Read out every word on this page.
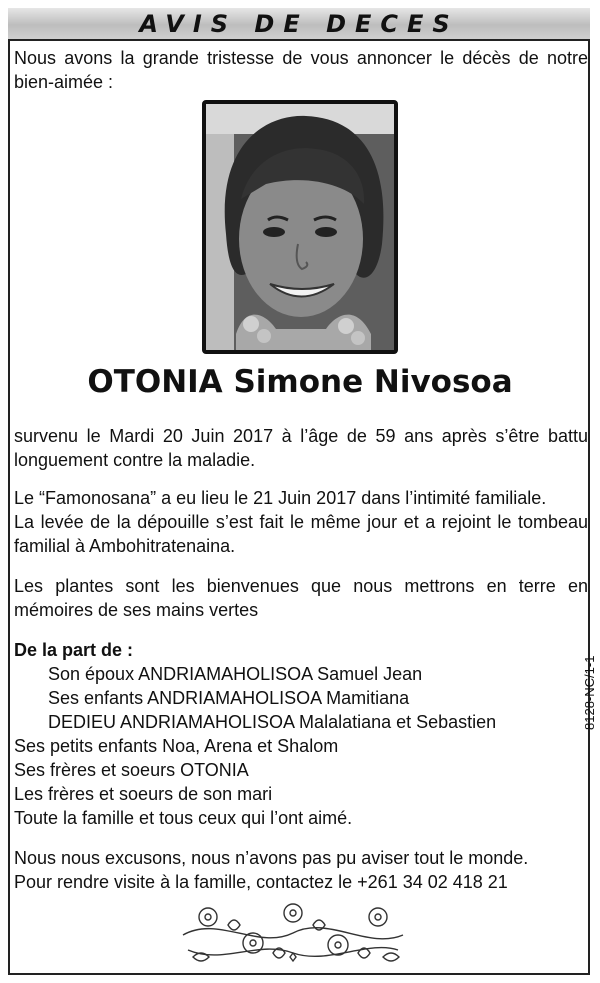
AVIS DE DECES
Nous avons la grande tristesse de vous annoncer le décès de notre bien-aimée :
OTONIA Simone Nivosoa
survenu le Mardi 20 Juin 2017 à l’âge de 59 ans après s’être battu longuement contre la maladie.
Le “Famonosana” a eu lieu le 21 Juin 2017 dans l’intimité familiale.
La levée de la dépouille s’est fait le même jour et a rejoint le tombeau familial à Ambohitratenaina.
Les plantes sont les bienvenues que nous mettrons en terre en mémoires de ses mains vertes
De la part de :
Son époux ANDRIAMAHOLISOA Samuel Jean
Ses enfants ANDRIAMAHOLISOA Mamitiana
DEDIEU ANDRIAMAHOLISOA Malalatiana et Sebastien
Ses petits enfants Noa, Arena et Shalom
Ses frères et soeurs OTONIA
Les frères et soeurs de son mari
Toute la famille et tous ceux qui l’ont aimé.
Nous nous excusons, nous n’avons pas pu aviser tout le monde.
Pour rendre visite à la famille, contactez le +261 34 02 418 21
8128-NC/1-1
